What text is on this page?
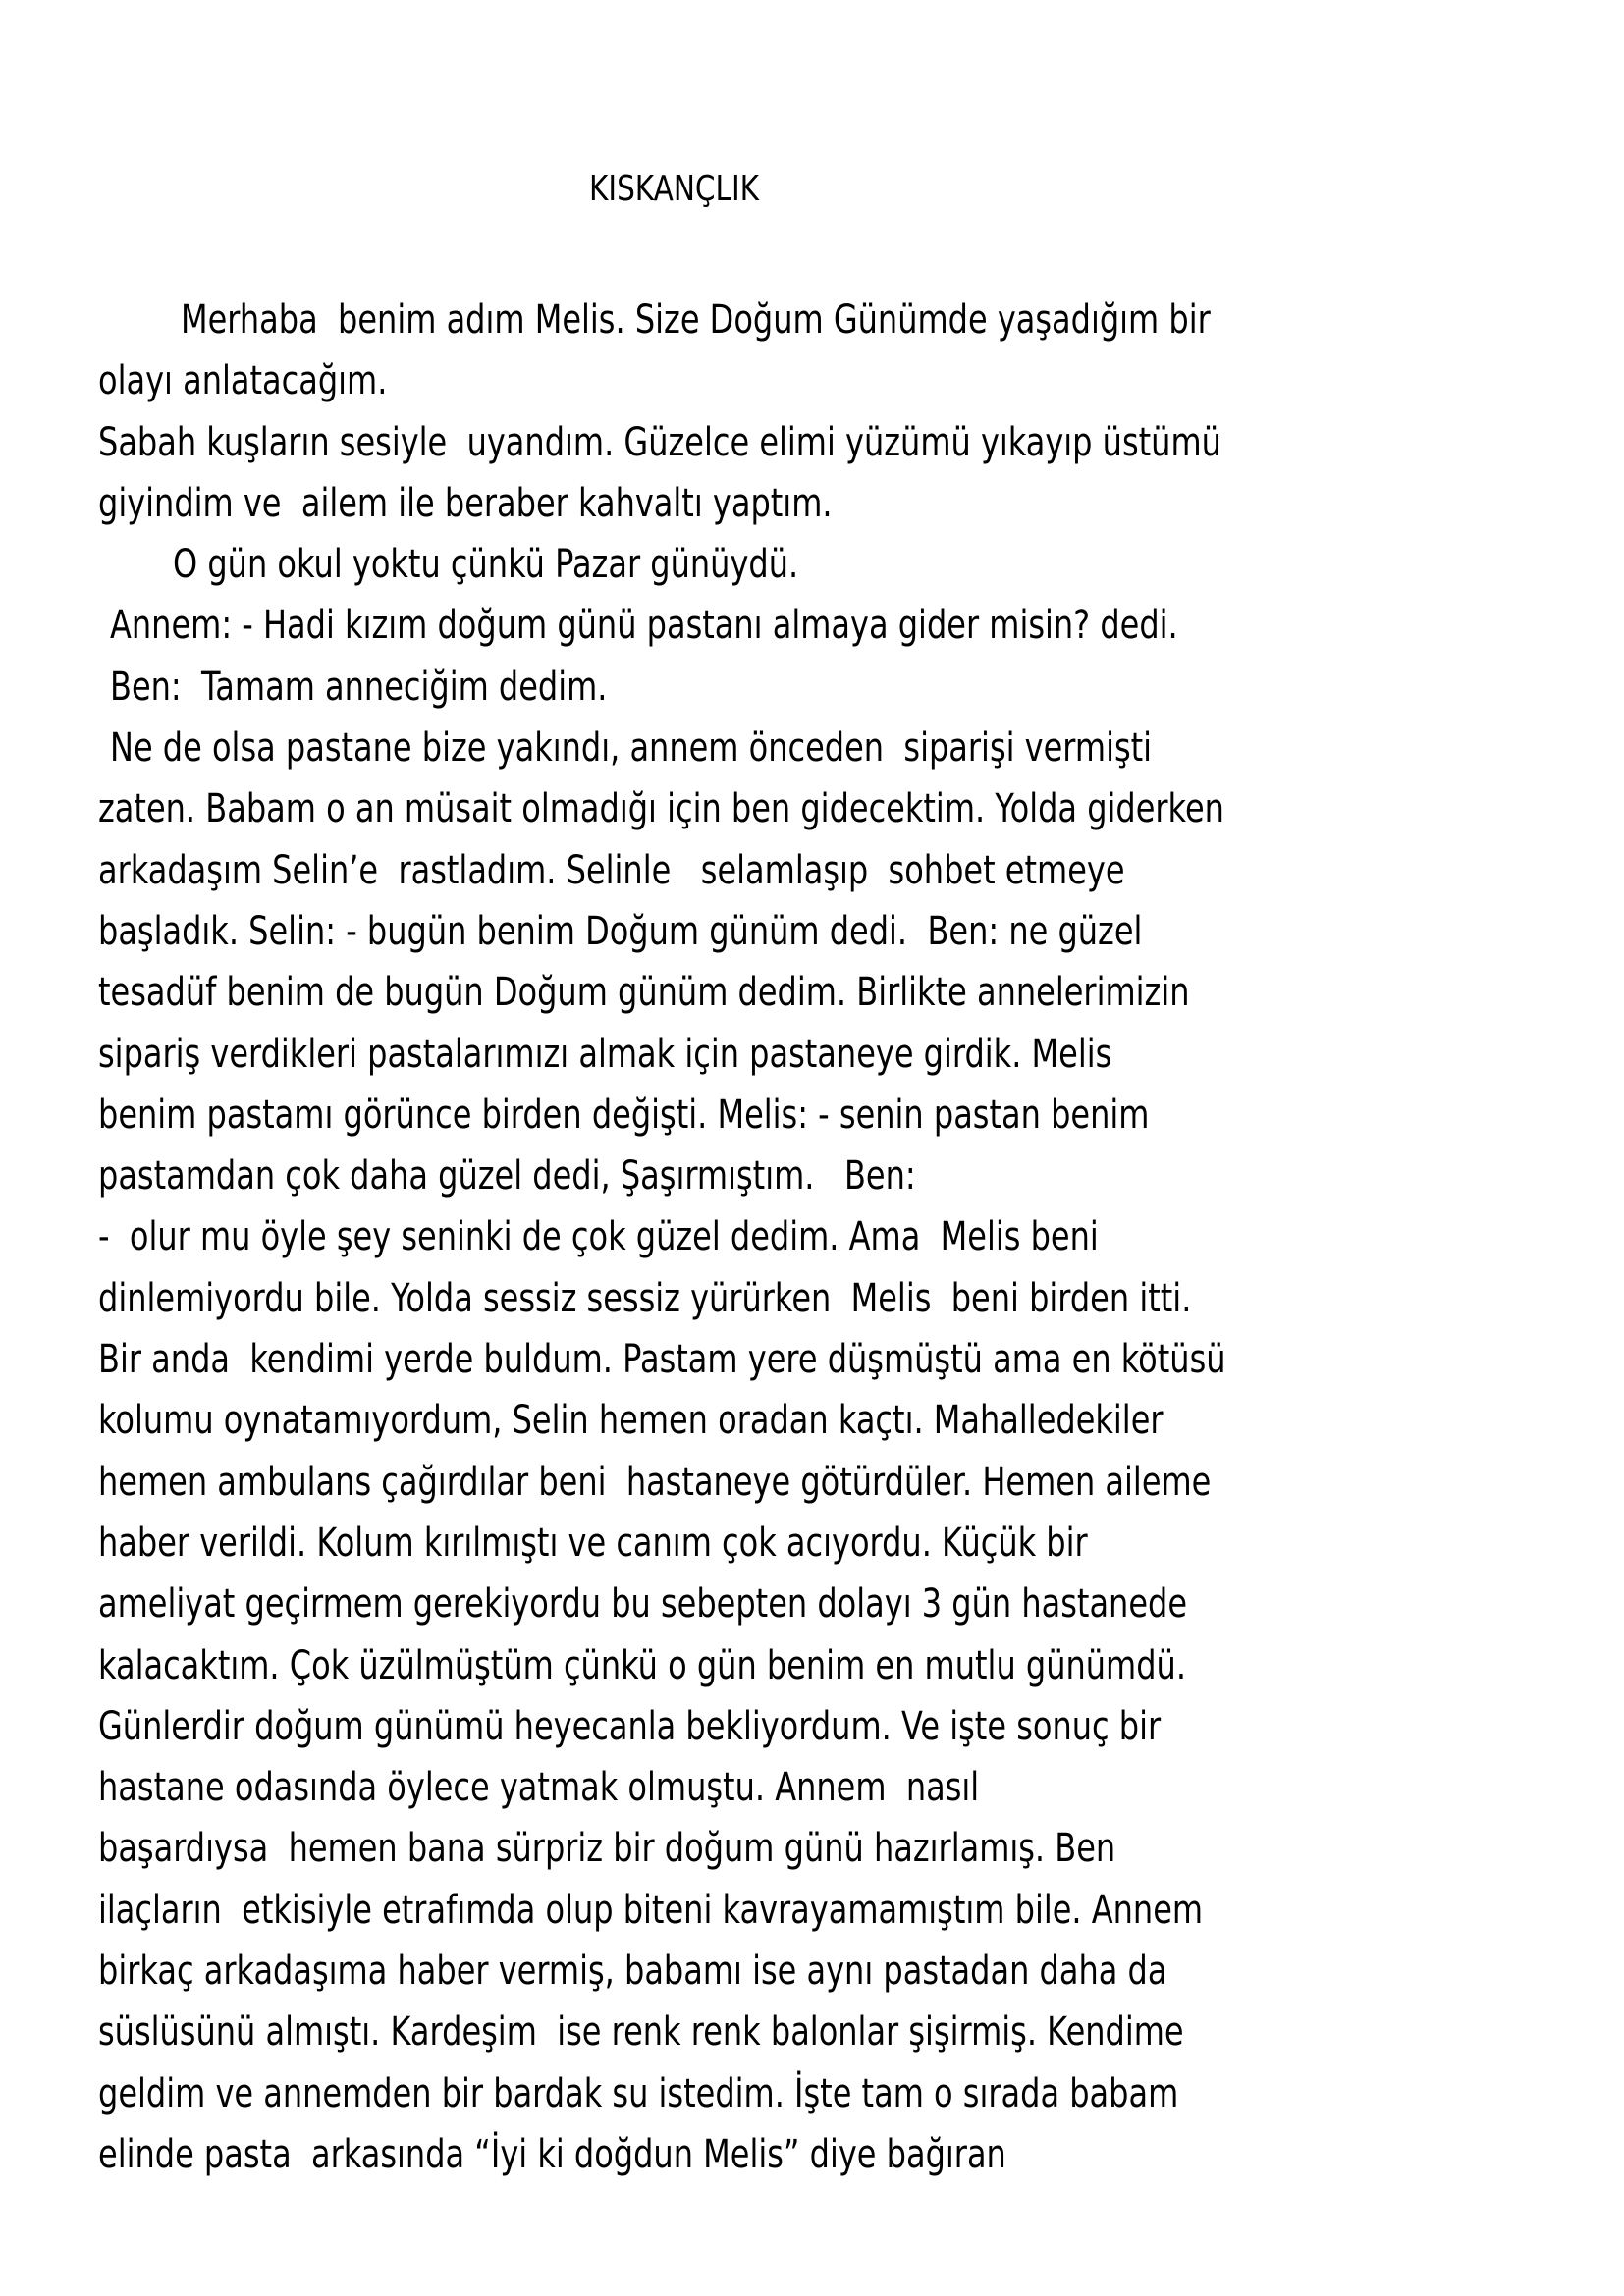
KISKANÇLIK
Merhaba  benim adım Melis. Size Doğum Günümde yaşadığım bir
olayı anlatacağım.
Sabah kuşların sesiyle  uyandım. Güzelce elimi yüzümü yıkayıp üstümü
giyindim ve  ailem ile beraber kahvaltı yaptım.
O gün okul yoktu çünkü Pazar günüydü.
Annem: - Hadi kızım doğum günü pastanı almaya gider misin? dedi.
Ben:  Tamam anneciğim dedim.
Ne de olsa pastane bize yakındı, annem önceden  siparişi vermişti
zaten. Babam o an müsait olmadığı için ben gidecektim. Yolda giderken
arkadaşım Selin’e  rastladım. Selinle   selamlaşıp  sohbet etmeye
başladık. Selin: - bugün benim Doğum günüm dedi.  Ben: ne güzel
tesadüf benim de bugün Doğum günüm dedim. Birlikte annelerimizin
sipariş verdikleri pastalarımızı almak için pastaneye girdik. Melis
benim pastamı görünce birden değişti. Melis: - senin pastan benim
pastamdan çok daha güzel dedi, Şaşırmıştım.   Ben:
-  olur mu öyle şey seninki de çok güzel dedim. Ama  Melis beni
dinlemiyordu bile. Yolda sessiz sessiz yürürken  Melis  beni birden itti.
Bir anda  kendimi yerde buldum. Pastam yere düşmüştü ama en kötüsü
kolumu oynatamıyordum, Selin hemen oradan kaçtı. Mahalledekiler
hemen ambulans çağırdılar beni  hastaneye götürdüler. Hemen aileme
haber verildi. Kolum kırılmıştı ve canım çok acıyordu. Küçük bir
ameliyat geçirmem gerekiyordu bu sebepten dolayı 3 gün hastanede
kalacaktım. Çok üzülmüştüm çünkü o gün benim en mutlu günümdü.
Günlerdir doğum günümü heyecanla bekliyordum. Ve işte sonuç bir
hastane odasında öylece yatmak olmuştu. Annem  nasıl
başardıysa  hemen bana sürpriz bir doğum günü hazırlamış. Ben
ilaçların  etkisiyle etrafımda olup biteni kavrayamamıştım bile. Annem
birkaç arkadaşıma haber vermiş, babamı ise aynı pastadan daha da
süslüsünü almıştı. Kardeşim  ise renk renk balonlar şişirmiş. Kendime
geldim ve annemden bir bardak su istedim. İşte tam o sırada babam
elinde pasta  arkasında “İyi ki doğdun Melis” diye bağıran
